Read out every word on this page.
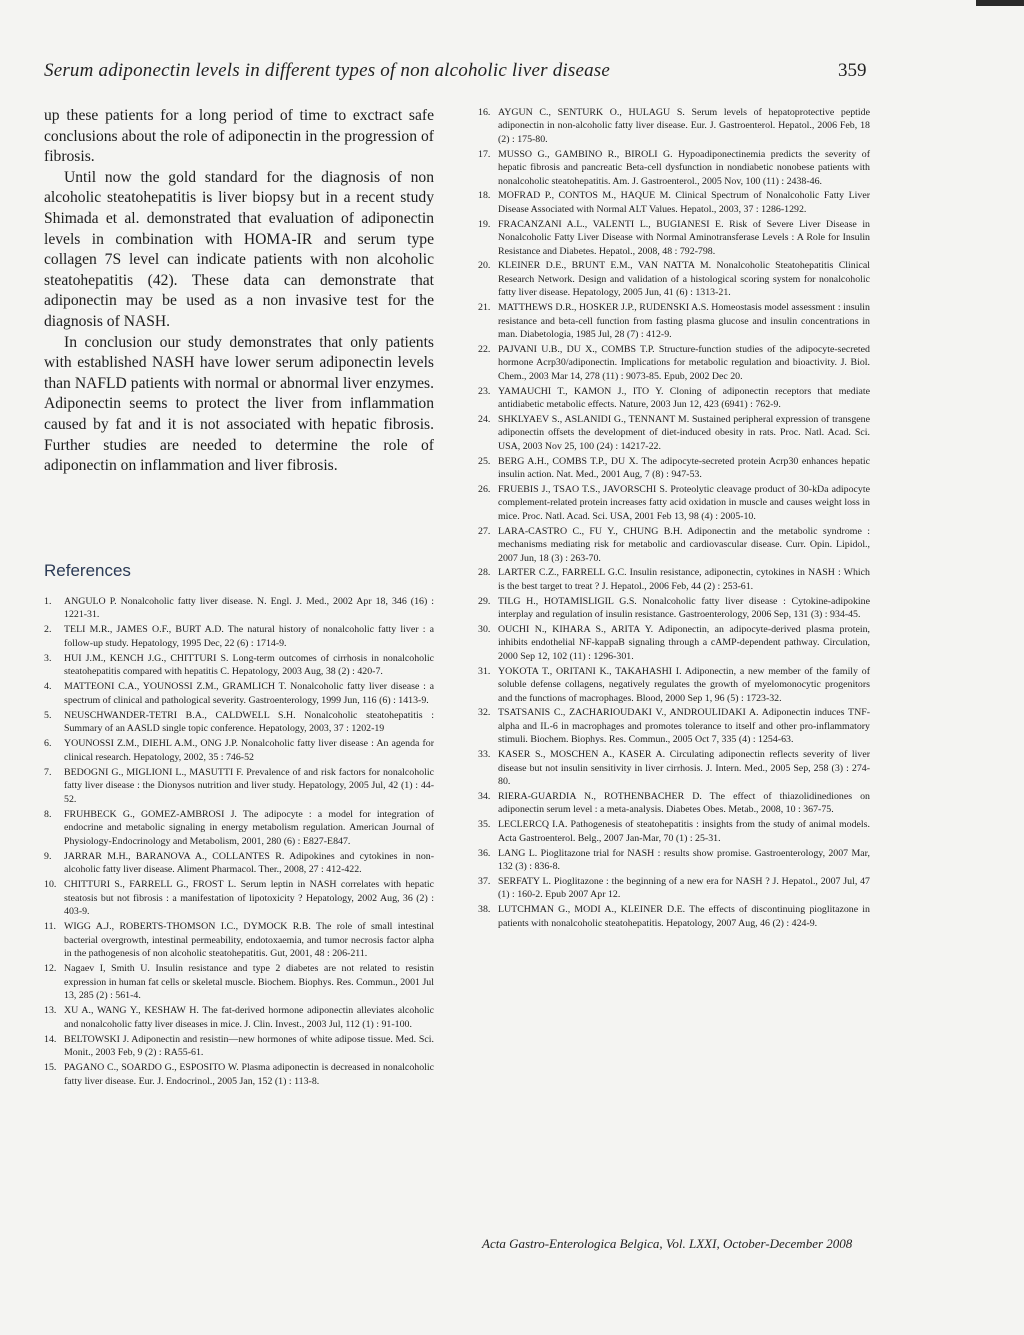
Serum adiponectin levels in different types of non alcoholic liver disease	359

up these patients for a long period of time to exctract safe conclusions about the role of adiponectin in the progression of fibrosis.

Until now the gold standard for the diagnosis of non alcoholic steatohepatitis is liver biopsy but in a recent study Shimada et al. demonstrated that evaluation of adiponectin levels in combination with HOMA-IR and serum type collagen 7S level can indicate patients with non alcoholic steatohepatitis (42). These data can demonstrate that adiponectin may be used as a non invasive test for the diagnosis of NASH.

In conclusion our study demonstrates that only patients with established NASH have lower serum adiponectin levels than NAFLD patients with normal or abnormal liver enzymes. Adiponectin seems to protect the liver from inflammation caused by fat and it is not associated with hepatic fibrosis. Further studies are needed to determine the role of adiponectin on inflammation and liver fibrosis.

References
1.	ANGULO P. Nonalcoholic fatty liver disease. N. Engl. J. Med., 2002 Apr 18, 346 (16) : 1221-31.
2.	TELI M.R., JAMES O.F., BURT A.D. The natural history of nonalcoholic fatty liver : a follow-up study. Hepatology, 1995 Dec, 22 (6) : 1714-9.
3.	HUI J.M., KENCH J.G., CHITTURI S. Long-term outcomes of cirrhosis in nonalcoholic steatohepatitis compared with hepatitis C. Hepatology, 2003 Aug, 38 (2) : 420-7.
4.	MATTEONI C.A., YOUNOSSI Z.M., GRAMLICH T. Nonalcoholic fatty liver disease : a spectrum of clinical and pathological severity. Gastroenterology, 1999 Jun, 116 (6) : 1413-9.
5.	NEUSCHWANDER-TETRI B.A., CALDWELL S.H. Nonalcoholic steatohepatitis : Summary of an AASLD single topic conference. Hepatology, 2003, 37 : 1202-19
6.	YOUNOSSI Z.M., DIEHL A.M., ONG J.P. Nonalcoholic fatty liver disease : An agenda for clinical research. Hepatology, 2002, 35 : 746-52
7.	BEDOGNI G., MIGLIONI L., MASUTTI F. Prevalence of and risk factors for nonalcoholic fatty liver disease : the Dionysos nutrition and liver study. Hepatology, 2005 Jul, 42 (1) : 44-52.
8.	FRUHBECK G., GOMEZ-AMBROSI J. The adipocyte : a model for integration of endocrine and metabolic signaling in energy metabolism regulation. American Journal of Physiology-Endocrinology and Metabolism, 2001, 280 (6) : E827-E847.
9.	JARRAR M.H., BARANOVA A., COLLANTES R. Adipokines and cytokines in non-alcoholic fatty liver disease. Aliment Pharmacol. Ther., 2008, 27 : 412-422.
10. CHITTURI S., FARRELL G., FROST L. Serum leptin in NASH correlates with hepatic steatosis but not fibrosis : a manifestation of lipotoxicity ? Hepatology, 2002 Aug, 36 (2) : 403-9.
11. WIGG A.J., ROBERTS-THOMSON I.C., DYMOCK R.B. The role of small intestinal bacterial overgrowth, intestinal permeability, endotoxaemia, and tumor necrosis factor alpha in the pathogenesis of non alcoholic steatohepatitis. Gut, 2001, 48 : 206-211.
12. Nagaev I, Smith U. Insulin resistance and type 2 diabetes are not related to resistin expression in human fat cells or skeletal muscle. Biochem. Biophys. Res. Commun., 2001 Jul 13, 285 (2) : 561-4.
13. XU A., WANG Y., KESHAW H. The fat-derived hormone adiponectin alleviates alcoholic and nonalcoholic fatty liver diseases in mice. J. Clin. Invest., 2003 Jul, 112 (1) : 91-100.
14. BELTOWSKI J. Adiponectin and resistin—new hormones of white adipose tissue. Med. Sci. Monit., 2003 Feb, 9 (2) : RA55-61.
15. PAGANO C., SOARDO G., ESPOSITO W. Plasma adiponectin is decreased in nonalcoholic fatty liver disease. Eur. J. Endocrinol., 2005 Jan, 152 (1) : 113-8.
16. AYGUN C., SENTURK O., HULAGU S. Serum levels of hepatoprotective peptide adiponectin in non-alcoholic fatty liver disease. Eur. J. Gastroenterol. Hepatol., 2006 Feb, 18 (2) : 175-80.
17. MUSSO G., GAMBINO R., BIROLI G. Hypoadiponectinemia predicts the severity of hepatic fibrosis and pancreatic Beta-cell dysfunction in nondiabetic nonobese patients with nonalcoholic steatohepatitis. Am. J. Gastroenterol., 2005 Nov, 100 (11) : 2438-46.
18. MOFRAD P., CONTOS M., HAQUE M. Clinical Spectrum of Nonalcoholic Fatty Liver Disease Associated with Normal ALT Values. Hepatol., 2003, 37 : 1286-1292.
19. FRACANZANI A.L., VALENTI L., BUGIANESI E. Risk of Severe Liver Disease in Nonalcoholic Fatty Liver Disease with Normal Aminotransferase Levels : A Role for Insulin Resistance and Diabetes. Hepatol., 2008, 48 : 792-798.
20. KLEINER D.E., BRUNT E.M., VAN NATTA M. Nonalcoholic Steatohepatitis Clinical Research Network. Design and validation of a histological scoring system for nonalcoholic fatty liver disease. Hepatology, 2005 Jun, 41 (6) : 1313-21.
21. MATTHEWS D.R., HOSKER J.P., RUDENSKI A.S. Homeostasis model assessment : insulin resistance and beta-cell function from fasting plasma glucose and insulin concentrations in man. Diabetologia, 1985 Jul, 28 (7) : 412-9.
22. PAJVANI U.B., DU X., COMBS T.P. Structure-function studies of the adipocyte-secreted hormone Acrp30/adiponectin. Implications for metabolic regulation and bioactivity. J. Biol. Chem., 2003 Mar 14, 278 (11) : 9073-85. Epub, 2002 Dec 20.
23. YAMAUCHI T., KAMON J., ITO Y. Cloning of adiponectin receptors that mediate antidiabetic metabolic effects. Nature, 2003 Jun 12, 423 (6941) : 762-9.
24. SHKLYAEV S., ASLANIDI G., TENNANT M. Sustained peripheral expression of transgene adiponectin offsets the development of diet-induced obesity in rats. Proc. Natl. Acad. Sci. USA, 2003 Nov 25, 100 (24) : 14217-22.
25. BERG A.H., COMBS T.P., DU X. The adipocyte-secreted protein Acrp30 enhances hepatic insulin action. Nat. Med., 2001 Aug, 7 (8) : 947-53.
26. FRUEBIS J., TSAO T.S., JAVORSCHI S. Proteolytic cleavage product of 30-kDa adipocyte complement-related protein increases fatty acid oxidation in muscle and causes weight loss in mice. Proc. Natl. Acad. Sci. USA, 2001 Feb 13, 98 (4) : 2005-10.
27. LARA-CASTRO C., FU Y., CHUNG B.H. Adiponectin and the metabolic syndrome : mechanisms mediating risk for metabolic and cardiovascular disease. Curr. Opin. Lipidol., 2007 Jun, 18 (3) : 263-70.
28. LARTER C.Z., FARRELL G.C. Insulin resistance, adiponectin, cytokines in NASH : Which is the best target to treat ? J. Hepatol., 2006 Feb, 44 (2) : 253-61.
29. TILG H., HOTAMISLIGIL G.S. Nonalcoholic fatty liver disease : Cytokine-adipokine interplay and regulation of insulin resistance. Gastroenterology, 2006 Sep, 131 (3) : 934-45.
30. OUCHI N., KIHARA S., ARITA Y. Adiponectin, an adipocyte-derived plasma protein, inhibits endothelial NF-kappaB signaling through a cAMP-dependent pathway. Circulation, 2000 Sep 12, 102 (11) : 1296-301.
31. YOKOTA T., ORITANI K., TAKAHASHI I. Adiponectin, a new member of the family of soluble defense collagens, negatively regulates the growth of myelomonocytic progenitors and the functions of macrophages. Blood, 2000 Sep 1, 96 (5) : 1723-32.
32. TSATSANIS C., ZACHARIOUDAKI V., ANDROULIDAKI A. Adiponectin induces TNF-alpha and IL-6 in macrophages and promotes tolerance to itself and other pro-inflammatory stimuli. Biochem. Biophys. Res. Commun., 2005 Oct 7, 335 (4) : 1254-63.
33. KASER S., MOSCHEN A., KASER A. Circulating adiponectin reflects severity of liver disease but not insulin sensitivity in liver cirrhosis. J. Intern. Med., 2005 Sep, 258 (3) : 274-80.
34. RIERA-GUARDIA N., ROTHENBACHER D. The effect of thiazolidinediones on adiponectin serum level : a meta-analysis. Diabetes Obes. Metab., 2008, 10 : 367-75.
35. LECLERCQ I.A. Pathogenesis of steatohepatitis : insights from the study of animal models. Acta Gastroenterol. Belg., 2007 Jan-Mar, 70 (1) : 25-31.
36. LANG L. Pioglitazone trial for NASH : results show promise. Gastroenterology, 2007 Mar, 132 (3) : 836-8.
37. SERFATY L. Pioglitazone : the beginning of a new era for NASH ? J. Hepatol., 2007 Jul, 47 (1) : 160-2. Epub 2007 Apr 12.
38. LUTCHMAN G., MODI A., KLEINER D.E. The effects of discontinuing pioglitazone in patients with nonalcoholic steatohepatitis. Hepatology, 2007 Aug, 46 (2) : 424-9.
Acta Gastro-Enterologica Belgica, Vol. LXXI, October-December 2008
